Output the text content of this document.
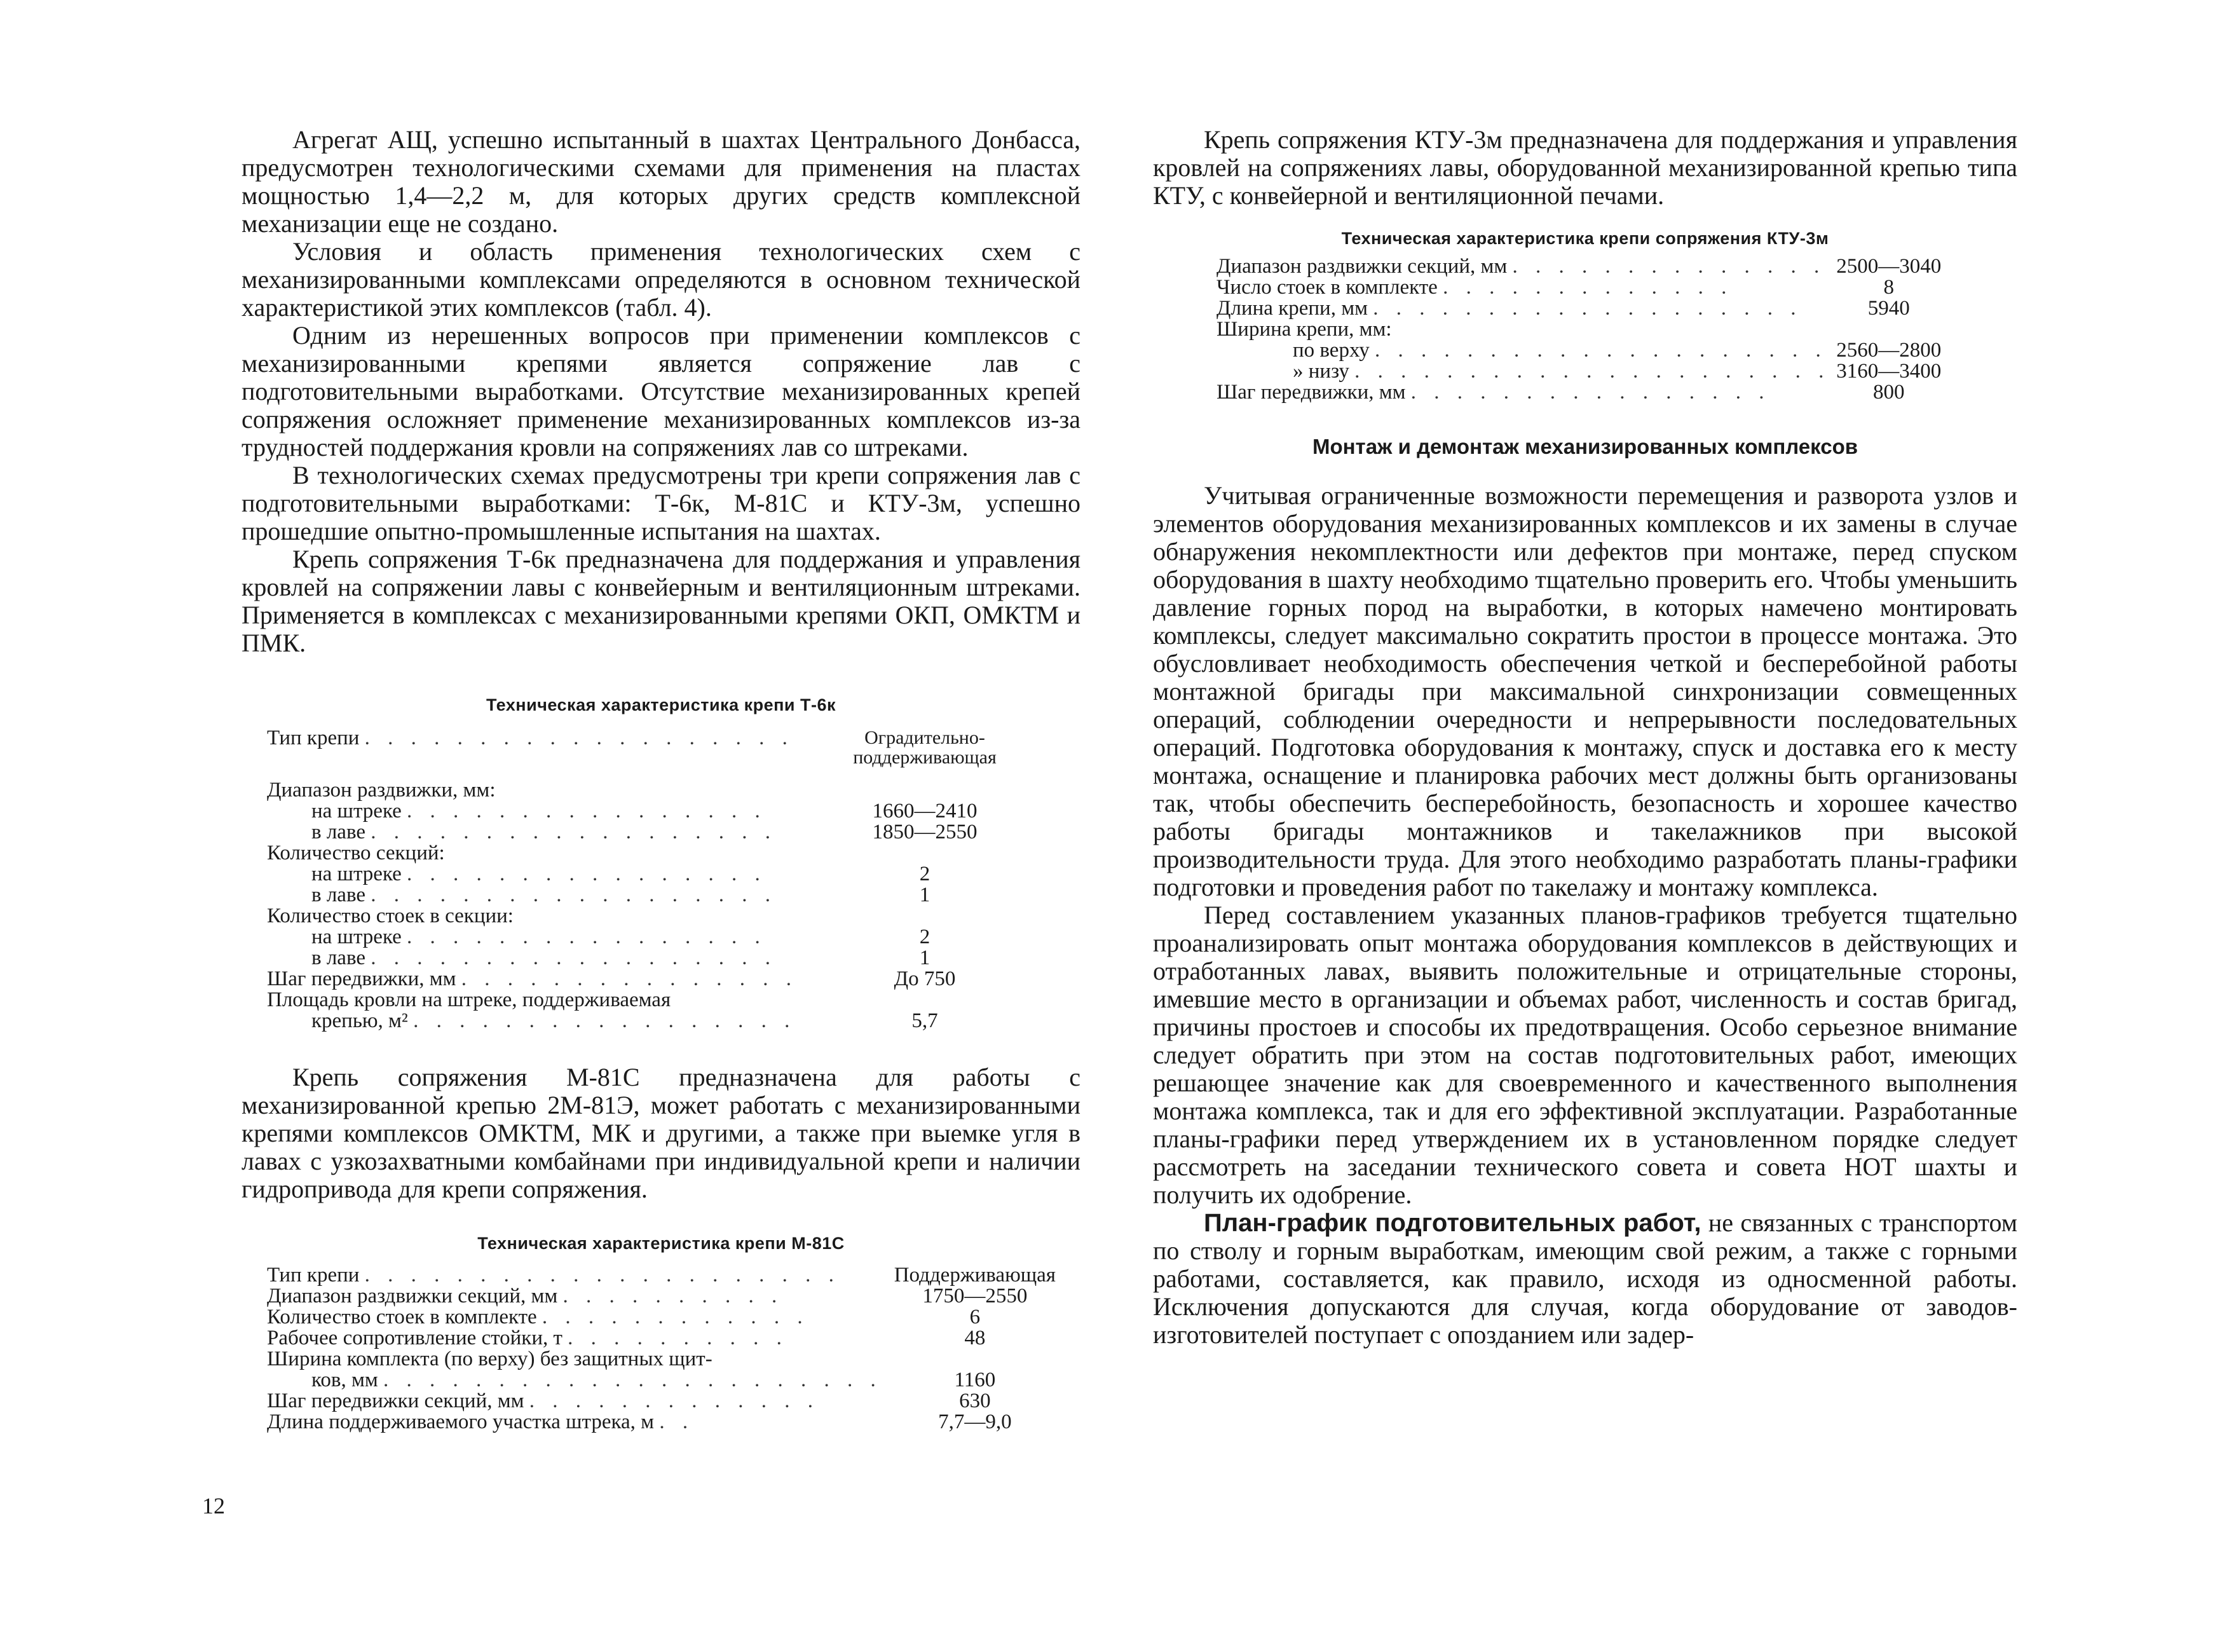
Агрегат АЩ, успешно испытанный в шахтах Центрального Донбасса, предусмотрен технологическими схемами для применения на пластах мощностью 1,4—2,2 м, для которых других средств комплексной механизации еще не создано.

Условия и область применения технологических схем с механизированными комплексами определяются в основном технической характеристикой этих комплексов (табл. 4).

Одним из нерешенных вопросов при применении комплексов с механизированными крепями является сопряжение лав с подготовительными выработками. Отсутствие механизированных крепей сопряжения осложняет применение механизированных комплексов из-за трудностей поддержания кровли на сопряжениях лав со штреками.

В технологических схемах предусмотрены три крепи сопряжения лав с подготовительными выработками: Т-6к, М-81С и КТУ-3м, успешно прошедшие опытно-промышленные испытания на шахтах.

Крепь сопряжения Т-6к предназначена для поддержания и управления кровлей на сопряжении лавы с конвейерным и вентиляционным штреками. Применяется в комплексах с механизированными крепями ОКП, ОМКТМ и ПМК.

Техническая характеристика крепи Т-6к

Тип крепи . . . . . . . . . . . . . . . . . . .	Оградительно-поддерживающая

Диапазон раздвижки, мм:	
на штреке . . . . . . . . . . . . . . . .	1660—2410
в лаве . . . . . . . . . . . . . . . . . .	1850—2550
Количество секций:	
на штреке . . . . . . . . . . . . . . . .	2
в лаве . . . . . . . . . . . . . . . . . .	1
Количество стоек в секции:	
на штреке . . . . . . . . . . . . . . . .	2
в лаве . . . . . . . . . . . . . . . . . .	1
Шаг передвижки, мм . . . . . . . . . . . . . . .	До 750
Площадь кровли на штреке, поддерживаемая	
крепью, м² . . . . . . . . . . . . . . . . .	5,7

Крепь сопряжения М-81С предназначена для работы с механизированной крепью 2М-81Э, может работать с механизированными крепями комплексов ОМКТМ, МК и другими, а также при выемке угля в лавах с узкозахватными комбайнами при индивидуальной крепи и наличии гидропривода для крепи сопряжения.

Техническая характеристика крепи М-81С

Тип крепи . . . . . . . . . . . . . . . . . . . . .	Поддерживающая
Диапазон раздвижки секций, мм . . . . . . . . . .	1750—2550
Количество стоек в комплекте . . . . . . . . . . . .	6
Рабочее сопротивление стойки, т . . . . . . . . . .	48
Ширина комплекта (по верху) без защитных щит-	
ков, мм . . . . . . . . . . . . . . . . . . . . . .	1160
Шаг передвижки секций, мм . . . . . . . . . . . . .	630
Длина поддерживаемого участка штрека, м . .	7,7—9,0

12

Крепь сопряжения КТУ-3м предназначена для поддержания и управления кровлей на сопряжениях лавы, оборудованной механизированной крепью типа КТУ, с конвейерной и вентиляционной печами.

Техническая характеристика крепи сопряжения КТУ-3м

Диапазон раздвижки секций, мм . . . . . . . . . . . . . .	2500—3040
Число стоек в комплекте . . . . . . . . . . . . .	8
Длина крепи, мм . . . . . . . . . . . . . . . . . . .	5940
Ширина крепи, мм:	
по верху . . . . . . . . . . . . . . . . . . . .	2560—2800
» низу . . . . . . . . . . . . . . . . . . . . .	3160—3400
Шаг передвижки, мм . . . . . . . . . . . . . . . .	800

Монтаж и демонтаж механизированных комплексов

Учитывая ограниченные возможности перемещения и разворота узлов и элементов оборудования механизированных комплексов и их замены в случае обнаружения некомплектности или дефектов при монтаже, перед спуском оборудования в шахту необходимо тщательно проверить его. Чтобы уменьшить давление горных пород на выработки, в которых намечено монтировать комплексы, следует максимально сократить простои в процессе монтажа. Это обусловливает необходимость обеспечения четкой и бесперебойной работы монтажной бригады при максимальной синхронизации совмещенных операций, соблюдении очередности и непрерывности последовательных операций. Подготовка оборудования к монтажу, спуск и доставка его к месту монтажа, оснащение и планировка рабочих мест должны быть организованы так, чтобы обеспечить бесперебойность, безопасность и хорошее качество работы бригады монтажников и такелажников при высокой производительности труда. Для этого необходимо разработать планы-графики подготовки и проведения работ по такелажу и монтажу комплекса.

Перед составлением указанных планов-графиков требуется тщательно проанализировать опыт монтажа оборудования комплексов в действующих и отработанных лавах, выявить положительные и отрицательные стороны, имевшие место в организации и объемах работ, численность и состав бригад, причины простоев и способы их предотвращения. Особо серьезное внимание следует обратить при этом на состав подготовительных работ, имеющих решающее значение как для своевременного и качественного выполнения монтажа комплекса, так и для его эффективной эксплуатации. Разработанные планы-графики перед утверждением их в установленном порядке следует рассмотреть на заседании технического совета и совета НОТ шахты и получить их одобрение.

План-график подготовительных работ, не связанных с транспортом по стволу и горным выработкам, имеющим свой режим, а также с горными работами, составляется, как правило, исходя из односменной работы. Исключения допускаются для случая, когда оборудование от заводов-изготовителей поступает с опозданием или задер-
